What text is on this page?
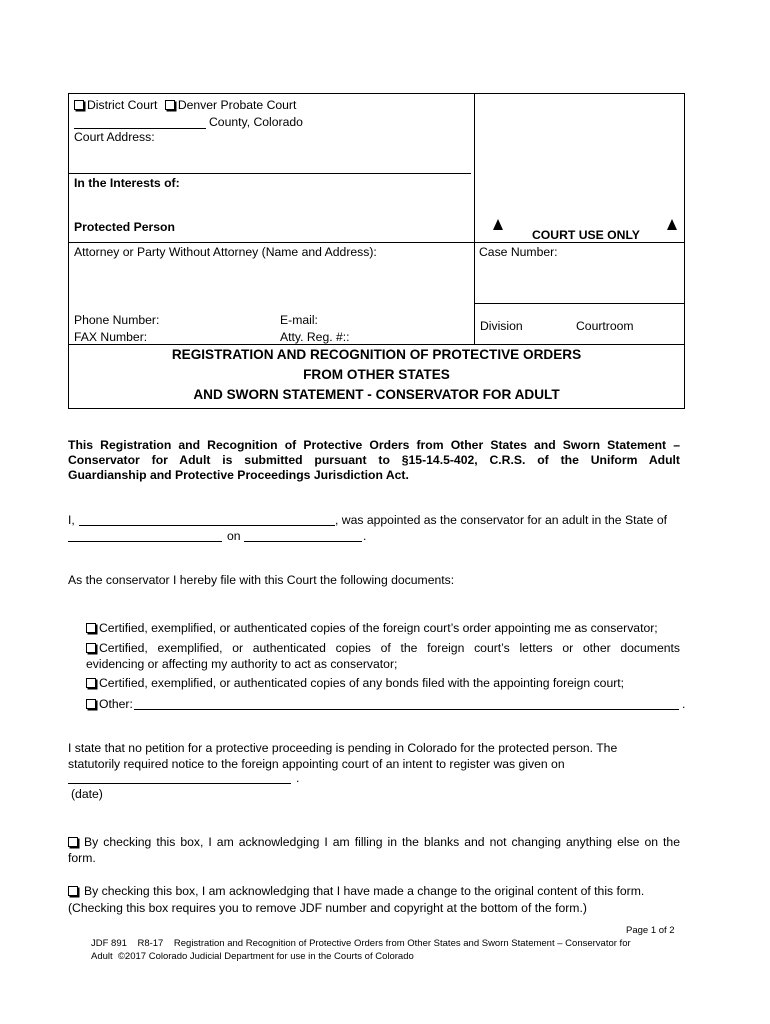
District Court Denver Probate Court
County, Colorado
Court Address:
In the Interests of:
Protected Person
COURT USE ONLY
Attorney or Party Without Attorney (Name and Address):	Case Number:
Phone Number:	E-mail:
FAX Number:	Atty. Reg. #::
Division	Courtroom
REGISTRATION AND RECOGNITION OF PROTECTIVE ORDERS
FROM OTHER STATES
AND SWORN STATEMENT - CONSERVATOR FOR ADULT
This Registration and Recognition of Protective Orders from Other States and Sworn Statement –
Conservator for Adult is submitted pursuant to §15-14.5-402, C.R.S. of the Uniform Adult
Guardianship and Protective Proceedings Jurisdiction Act.
I,	, was appointed as the conservator for an adult in the State of
on	.
As the conservator I hereby file with this Court the following documents:
Certified, exemplified, or authenticated copies of the foreign court’s order appointing me as conservator;
Certified, exemplified, or authenticated copies of the foreign court’s letters or other documents
evidencing or affecting my authority to act as conservator;
Certified, exemplified, or authenticated copies of any bonds filed with the appointing foreign court;
Other:	.
I state that no petition for a protective proceeding is pending in Colorado for the protected person. The
statutorily required notice to the foreign appointing court of an intent to register was given on
.
(date)
By checking this box, I am acknowledging I am filling in the blanks and not changing anything else on the
form.
By checking this box, I am acknowledging that I have made a change to the original content of this form.
(Checking this box requires you to remove JDF number and copyright at the bottom of the form.)
Page 1 of 2
JDF 891    R8-17    Registration and Recognition of Protective Orders from Other States and Sworn Statement – Conservator for
Adult  ©2017 Colorado Judicial Department for use in the Courts of Colorado
